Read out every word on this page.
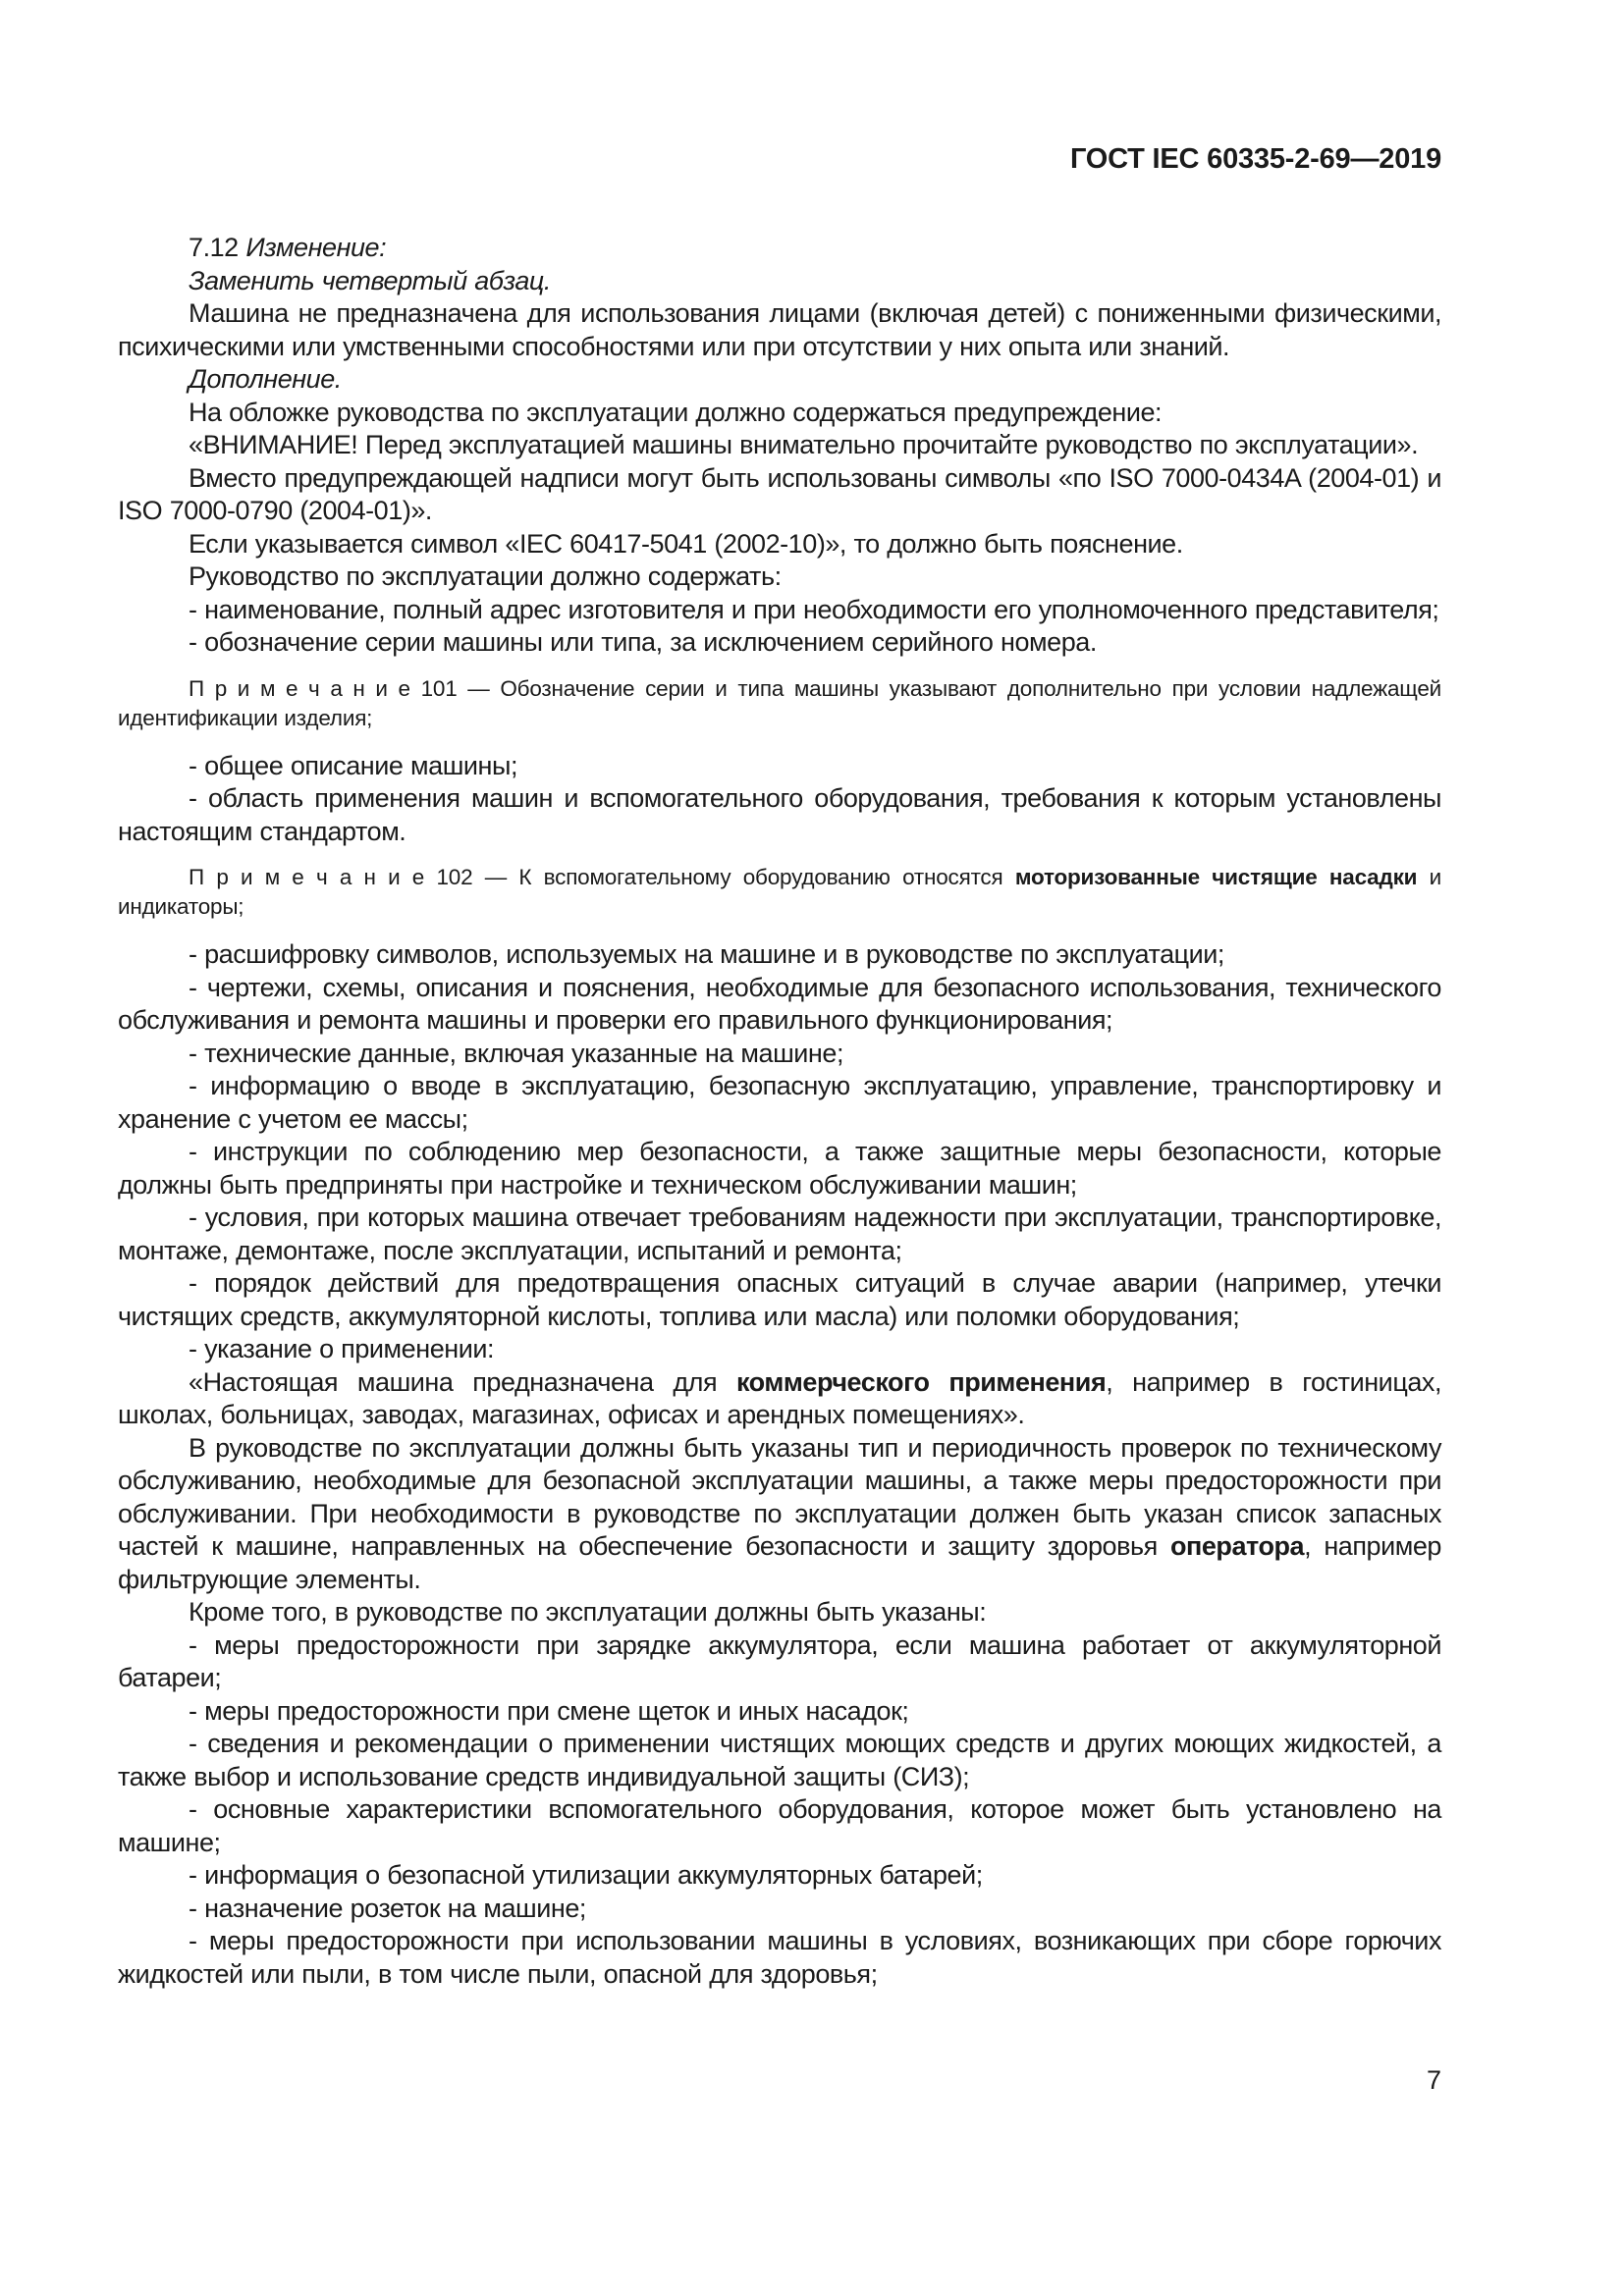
ГОСТ IEC 60335-2-69—2019

7.12 Изменение:

Заменить четвертый абзац.

Машина не предназначена для использования лицами (включая детей) с пониженными физическими, психическими или умственными способностями или при отсутствии у них опыта или знаний.

Дополнение.

На обложке руководства по эксплуатации должно содержаться предупреждение:

«ВНИМАНИЕ! Перед эксплуатацией машины внимательно прочитайте руководство по эксплуатации».

Вместо предупреждающей надписи могут быть использованы символы «по ISO 7000-0434A (2004-01) и ISO 7000-0790 (2004-01)».

Если указывается символ «IEC 60417-5041 (2002-10)», то должно быть пояснение.

Руководство по эксплуатации должно содержать:

- наименование, полный адрес изготовителя и при необходимости его уполномоченного представителя;

- обозначение серии машины или типа, за исключением серийного номера.

П р и м е ч а н и е 101 — Обозначение серии и типа машины указывают дополнительно при условии надлежащей идентификации изделия;

- общее описание машины;

- область применения машин и вспомогательного оборудования, требования к которым установлены настоящим стандартом.

П р и м е ч а н и е 102 — К вспомогательному оборудованию относятся моторизованные чистящие насадки и индикаторы;

- расшифровку символов, используемых на машине и в руководстве по эксплуатации;

- чертежи, схемы, описания и пояснения, необходимые для безопасного использования, технического обслуживания и ремонта машины и проверки его правильного функционирования;

- технические данные, включая указанные на машине;

- информацию о вводе в эксплуатацию, безопасную эксплуатацию, управление, транспортировку и хранение с учетом ее массы;

- инструкции по соблюдению мер безопасности, а также защитные меры безопасности, которые должны быть предприняты при настройке и техническом обслуживании машин;

- условия, при которых машина отвечает требованиям надежности при эксплуатации, транспортировке, монтаже, демонтаже, после эксплуатации, испытаний и ремонта;

- порядок действий для предотвращения опасных ситуаций в случае аварии (например, утечки чистящих средств, аккумуляторной кислоты, топлива или масла) или поломки оборудования;

- указание о применении:

«Настоящая машина предназначена для коммерческого применения, например в гостиницах, школах, больницах, заводах, магазинах, офисах и арендных помещениях».

В руководстве по эксплуатации должны быть указаны тип и периодичность проверок по техническому обслуживанию, необходимые для безопасной эксплуатации машины, а также меры предосторожности при обслуживании. При необходимости в руководстве по эксплуатации должен быть указан список запасных частей к машине, направленных на обеспечение безопасности и защиту здоровья оператора, например фильтрующие элементы.

Кроме того, в руководстве по эксплуатации должны быть указаны:

- меры предосторожности при зарядке аккумулятора, если машина работает от аккумуляторной батареи;

- меры предосторожности при смене щеток и иных насадок;

- сведения и рекомендации о применении чистящих моющих средств и других моющих жидкостей, а также выбор и использование средств индивидуальной защиты (СИЗ);

- основные характеристики вспомогательного оборудования, которое может быть установлено на машине;

- информация о безопасной утилизации аккумуляторных батарей;

- назначение розеток на машине;

- меры предосторожности при использовании машины в условиях, возникающих при сборе горючих жидкостей или пыли, в том числе пыли, опасной для здоровья;

7
